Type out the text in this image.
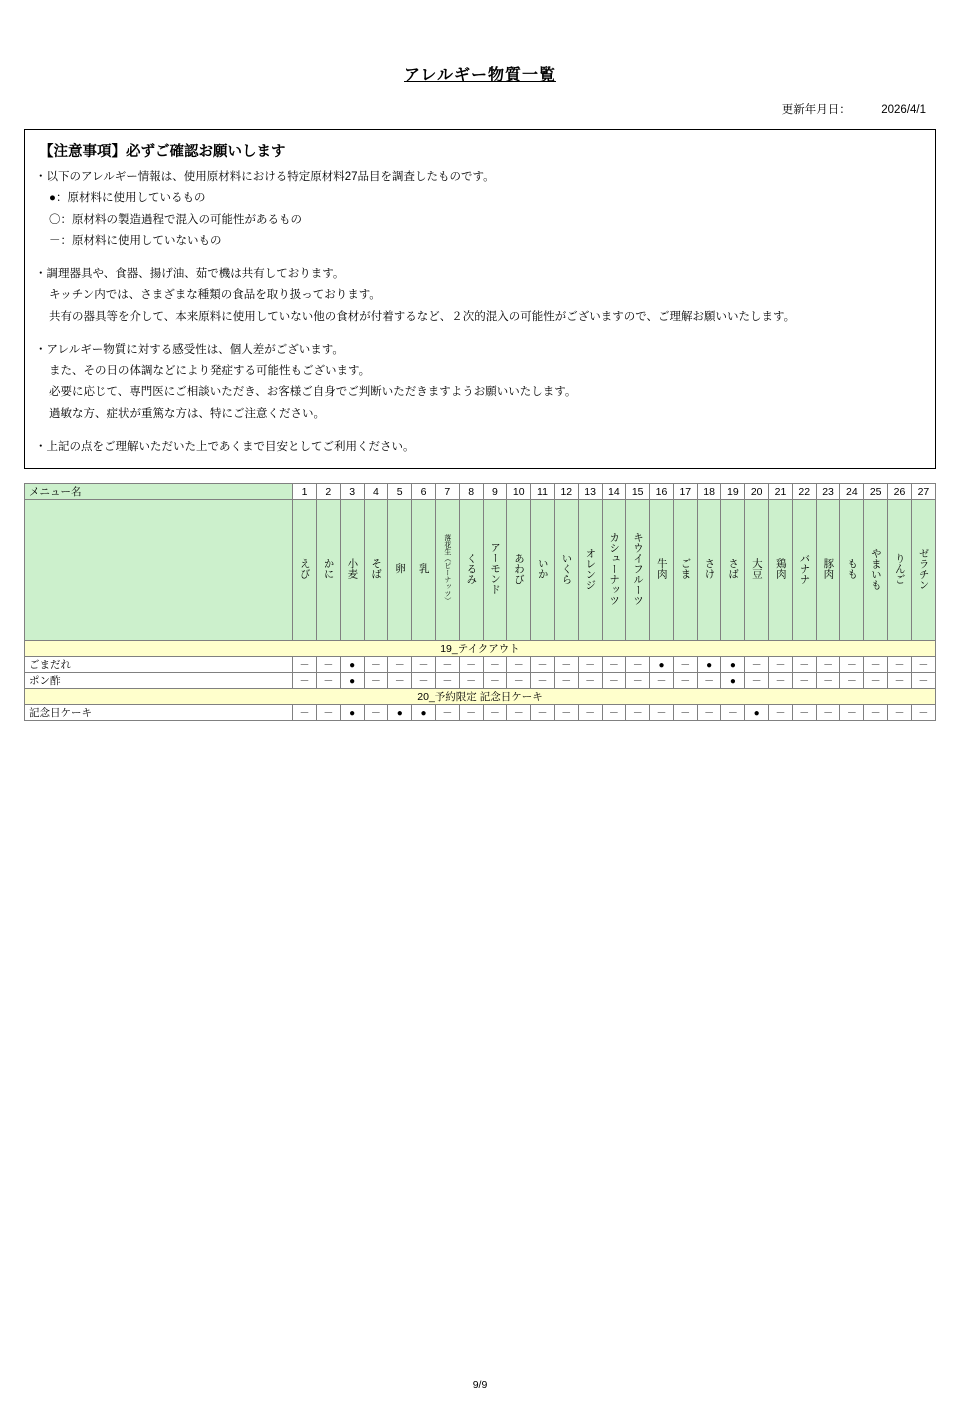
アレルギー物質一覧
更新年月日：	2026/4/1
【注意事項】必ずご確認お願いします
・以下のアレルギー情報は、使用原材料における特定原材料27品目を調査したものです。
●：原材料に使用しているもの
〇：原材料の製造過程で混入の可能性があるもの
－：原材料に使用していないもの
・調理器具や、食器、揚げ油、茹で機は共有しております。
キッチン内では、さまざまな種類の食品を取り扱っております。
共有の器具等を介して、本来原料に使用していない他の食材が付着するなど、２次的混入の可能性がございますので、ご理解お願いいたします。
・アレルギー物質に対する感受性は、個人差がございます。
また、その日の体調などにより発症する可能性もございます。
必要に応じて、専門医にご相談いただき、お客様ご自身でご判断いただきますようお願いいたします。
過敏な方、症状が重篤な方は、特にご注意ください。
・上記の点をご理解いただいた上であくまで目安としてご利用ください。
メニュー名	1	2	3	4	5	6	7	8	9	10	11	12	13	14	15	16	17	18	19	20	21	22	23	24	25	26	27
	えび	かに	小麦	そば	卵	乳	落花生（ピーナッツ）	くるみ	アーモンド	あわび	いか	いくら	オレンジ	カシューナッツ	キウイフルーツ	牛肉	ごま	さけ	さば	大豆	鶏肉	バナナ	豚肉	もも	やまいも	りんご	ゼラチン
19_テイクアウト																											
ごまだれ	－	－	●	－	－	－	－	－	－	－	－	－	－	－	－	●	－	●	●	－	－	－	－	－	－	－	－
ポン酢	－	－	●	－	－	－	－	－	－	－	－	－	－	－	－	－	－	－	●	－	－	－	－	－	－	－	－
20_予約限定 記念日ケーキ																											
記念日ケーキ	－	－	●	－	●	●	－	－	－	－	－	－	－	－	－	－	－	－	－	●	－	－	－	－	－	－	－
9/9
